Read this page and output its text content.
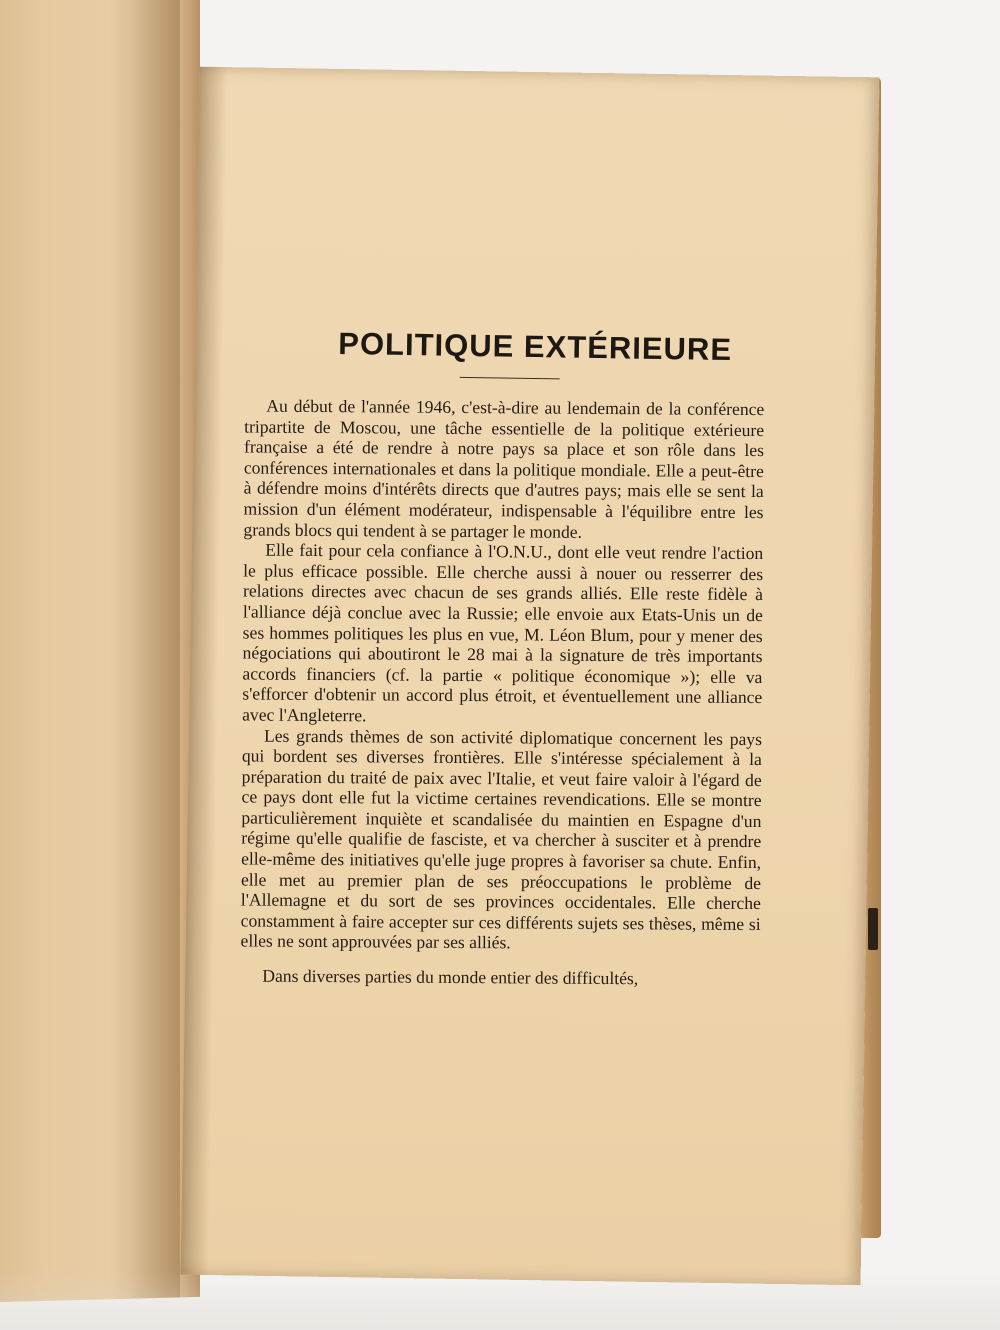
POLITIQUE EXTÉRIEURE

Au début de l'année 1946, c'est-à-dire au lendemain de la conférence tripartite de Moscou, une tâche essentielle de la politique extérieure française a été de rendre à notre pays sa place et son rôle dans les conférences internationales et dans la politique mondiale. Elle a peut-être à défendre moins d'intérêts directs que d'autres pays; mais elle se sent la mission d'un élément modérateur, indispensable à l'équilibre entre les grands blocs qui tendent à se partager le monde.

Elle fait pour cela confiance à l'O.N.U., dont elle veut rendre l'action le plus efficace possible. Elle cherche aussi à nouer ou resserrer des relations directes avec chacun de ses grands alliés. Elle reste fidèle à l'alliance déjà conclue avec la Russie; elle envoie aux Etats-Unis un de ses hommes politiques les plus en vue, M. Léon Blum, pour y mener des négociations qui aboutiront le 28 mai à la signature de très importants accords financiers (cf. la partie « politique économique »); elle va s'efforcer d'obtenir un accord plus étroit, et éventuellement une alliance avec l'Angleterre.

Les grands thèmes de son activité diplomatique concernent les pays qui bordent ses diverses frontières. Elle s'intéresse spécialement à la préparation du traité de paix avec l'Italie, et veut faire valoir à l'égard de ce pays dont elle fut la victime certaines revendications. Elle se montre particulièrement inquiète et scandalisée du maintien en Espagne d'un régime qu'elle qualifie de fasciste, et va chercher à susciter et à prendre elle-même des initiatives qu'elle juge propres à favoriser sa chute. Enfin, elle met au premier plan de ses préoccupations le problème de l'Allemagne et du sort de ses provinces occidentales. Elle cherche constamment à faire accepter sur ces différents sujets ses thèses, même si elles ne sont approuvées par ses alliés.

Dans diverses parties du monde entier des difficultés,
